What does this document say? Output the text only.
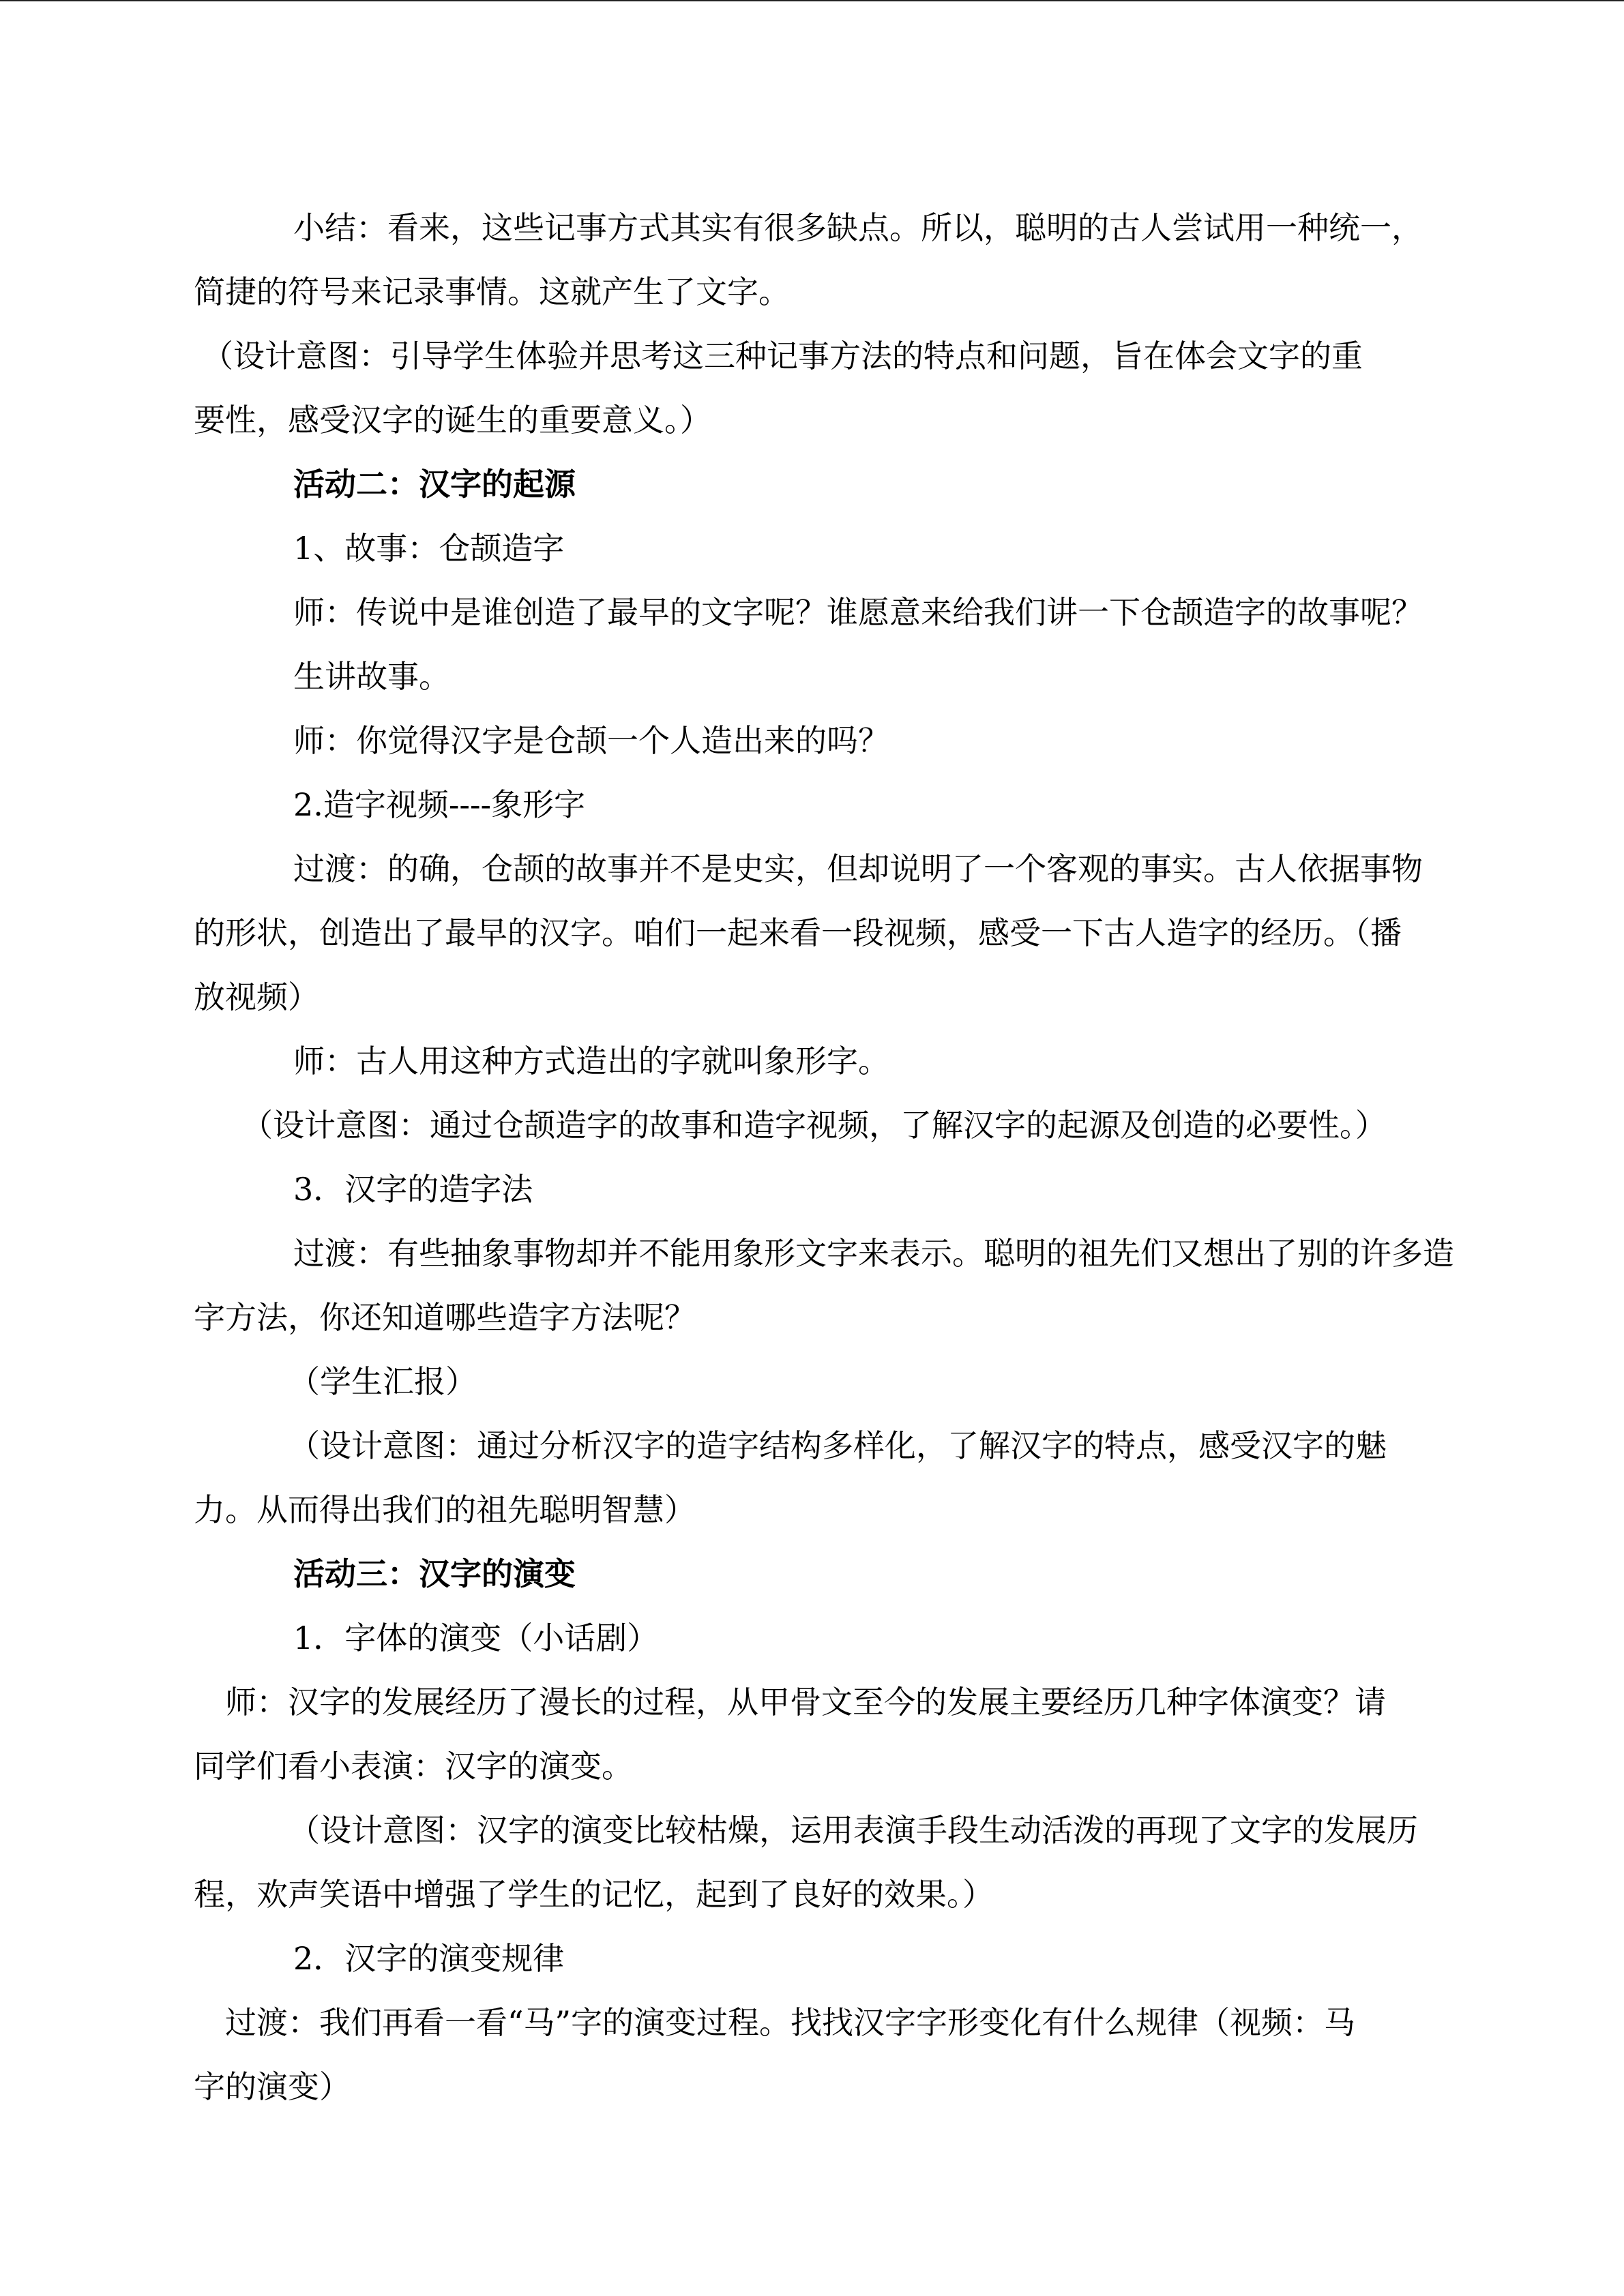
　小结：看来，这些记事方式其实有很多缺点。所以，聪明的古人尝试用一种统一，
简捷的符号来记录事情。这就产生了文字。
（设计意图：引导学生体验并思考这三种记事方法的特点和问题，旨在体会文字的重
要性，感受汉字的诞生的重要意义。）
　活动二：汉字的起源
　1、故事：仓颉造字
　师：传说中是谁创造了最早的文字呢？谁愿意来给我们讲一下仓颉造字的故事呢？
　生讲故事。
　师：你觉得汉字是仓颉一个人造出来的吗？
　2.造字视频----象形字
　过渡：的确，仓颉的故事并不是史实，但却说明了一个客观的事实。古人依据事物
的形状，创造出了最早的汉字。咱们一起来看一段视频，感受一下古人造字的经历。（播
放视频）
　师：古人用这种方式造出的字就叫象形字。
（设计意图：通过仓颉造字的故事和造字视频，了解汉字的起源及创造的必要性。）
　3．汉字的造字法
　过渡：有些抽象事物却并不能用象形文字来表示。聪明的祖先们又想出了别的许多造
字方法，你还知道哪些造字方法呢？
　（学生汇报）
　（设计意图：通过分析汉字的造字结构多样化，了解汉字的特点，感受汉字的魅
力。从而得出我们的祖先聪明智慧）
　活动三：汉字的演变
　1．字体的演变（小话剧）
师：汉字的发展经历了漫长的过程，从甲骨文至今的发展主要经历几种字体演变？请
同学们看小表演：汉字的演变。
　（设计意图：汉字的演变比较枯燥，运用表演手段生动活泼的再现了文字的发展历
程，欢声笑语中增强了学生的记忆，起到了良好的效果。）
　2．汉字的演变规律
过渡：我们再看一看“马”字的演变过程。找找汉字字形变化有什么规律（视频：马
字的演变）
